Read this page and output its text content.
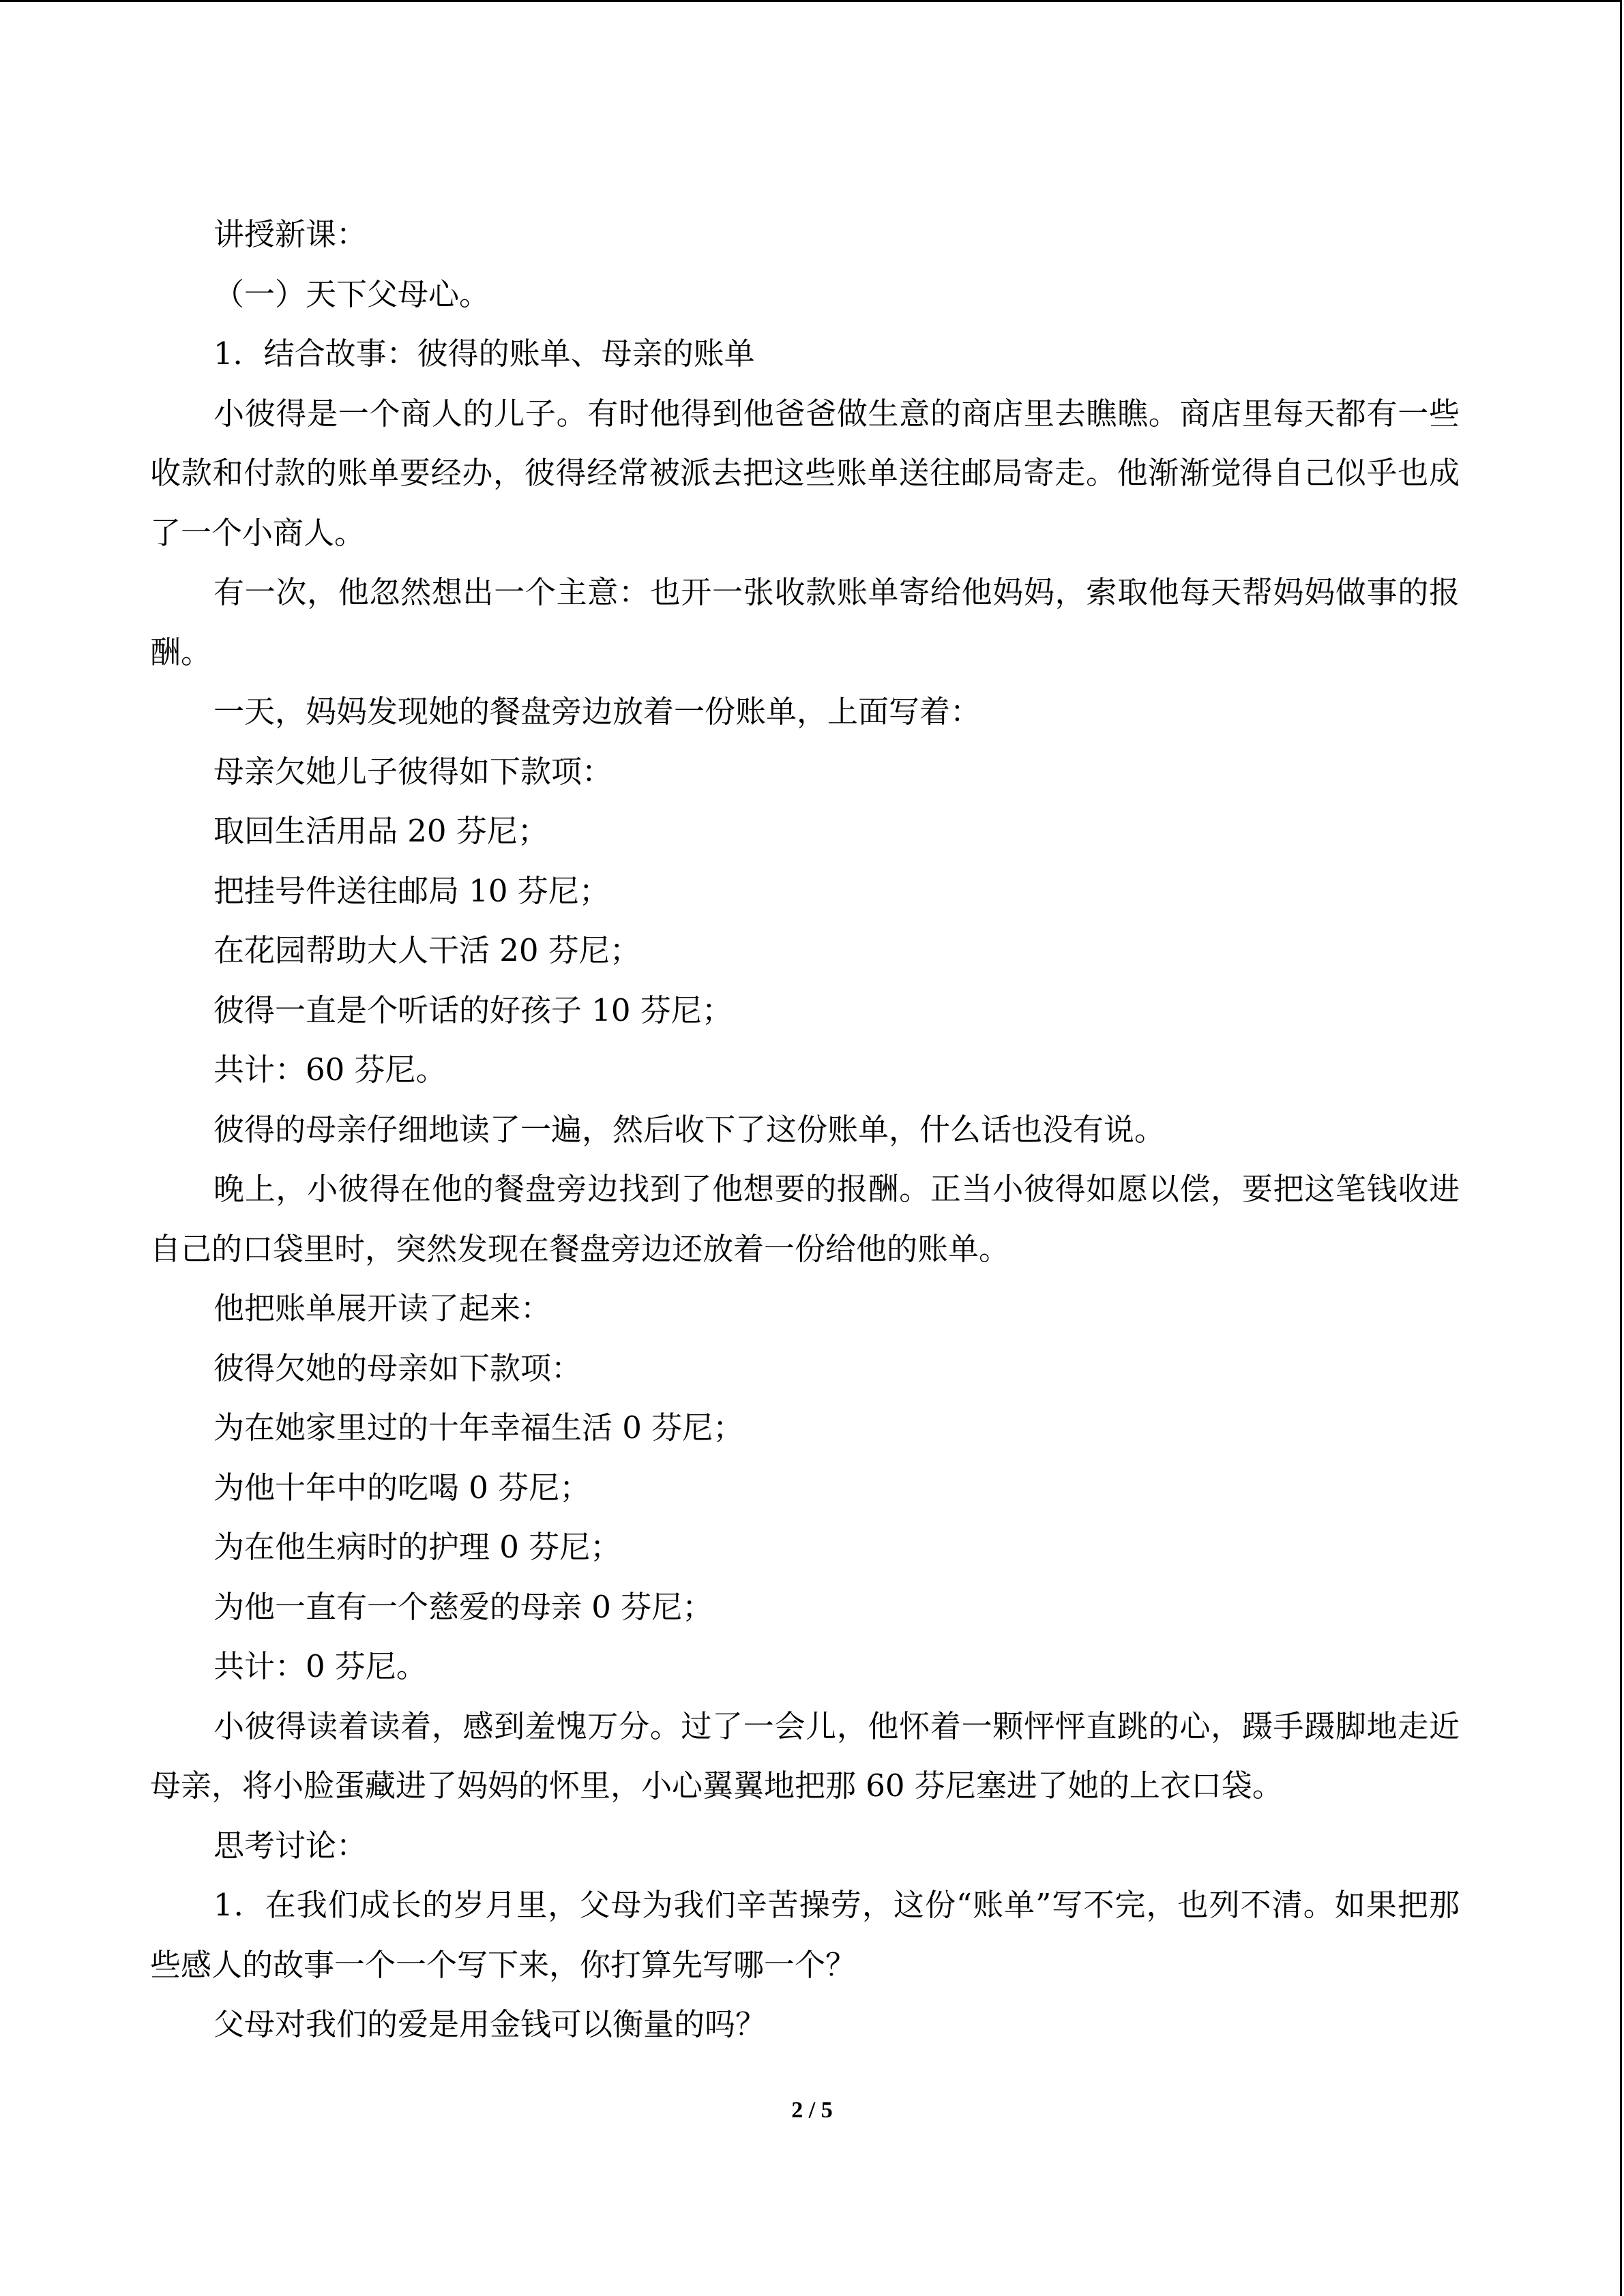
讲授新课：

（一）天下父母心。

1．结合故事：彼得的账单、母亲的账单

小彼得是一个商人的儿子。有时他得到他爸爸做生意的商店里去瞧瞧。商店里每天都有一些收款和付款的账单要经办，彼得经常被派去把这些账单送往邮局寄走。他渐渐觉得自己似乎也成了一个小商人。

有一次，他忽然想出一个主意：也开一张收款账单寄给他妈妈，索取他每天帮妈妈做事的报酬。

一天，妈妈发现她的餐盘旁边放着一份账单，上面写着：

母亲欠她儿子彼得如下款项：

取回生活用品 20 芬尼；

把挂号件送往邮局 10 芬尼；

在花园帮助大人干活 20 芬尼；

彼得一直是个听话的好孩子 10 芬尼；

共计：60 芬尼。

彼得的母亲仔细地读了一遍，然后收下了这份账单，什么话也没有说。

晚上，小彼得在他的餐盘旁边找到了他想要的报酬。正当小彼得如愿以偿，要把这笔钱收进自己的口袋里时，突然发现在餐盘旁边还放着一份给他的账单。

他把账单展开读了起来：

彼得欠她的母亲如下款项：

为在她家里过的十年幸福生活 0 芬尼；

为他十年中的吃喝 0 芬尼；

为在他生病时的护理 0 芬尼；

为他一直有一个慈爱的母亲 0 芬尼；

共计：0 芬尼。

小彼得读着读着，感到羞愧万分。过了一会儿，他怀着一颗怦怦直跳的心，蹑手蹑脚地走近母亲，将小脸蛋藏进了妈妈的怀里，小心翼翼地把那 60 芬尼塞进了她的上衣口袋。

思考讨论：

1．在我们成长的岁月里，父母为我们辛苦操劳，这份“账单”写不完，也列不清。如果把那些感人的故事一个一个写下来，你打算先写哪一个？

父母对我们的爱是用金钱可以衡量的吗？

2 / 5
